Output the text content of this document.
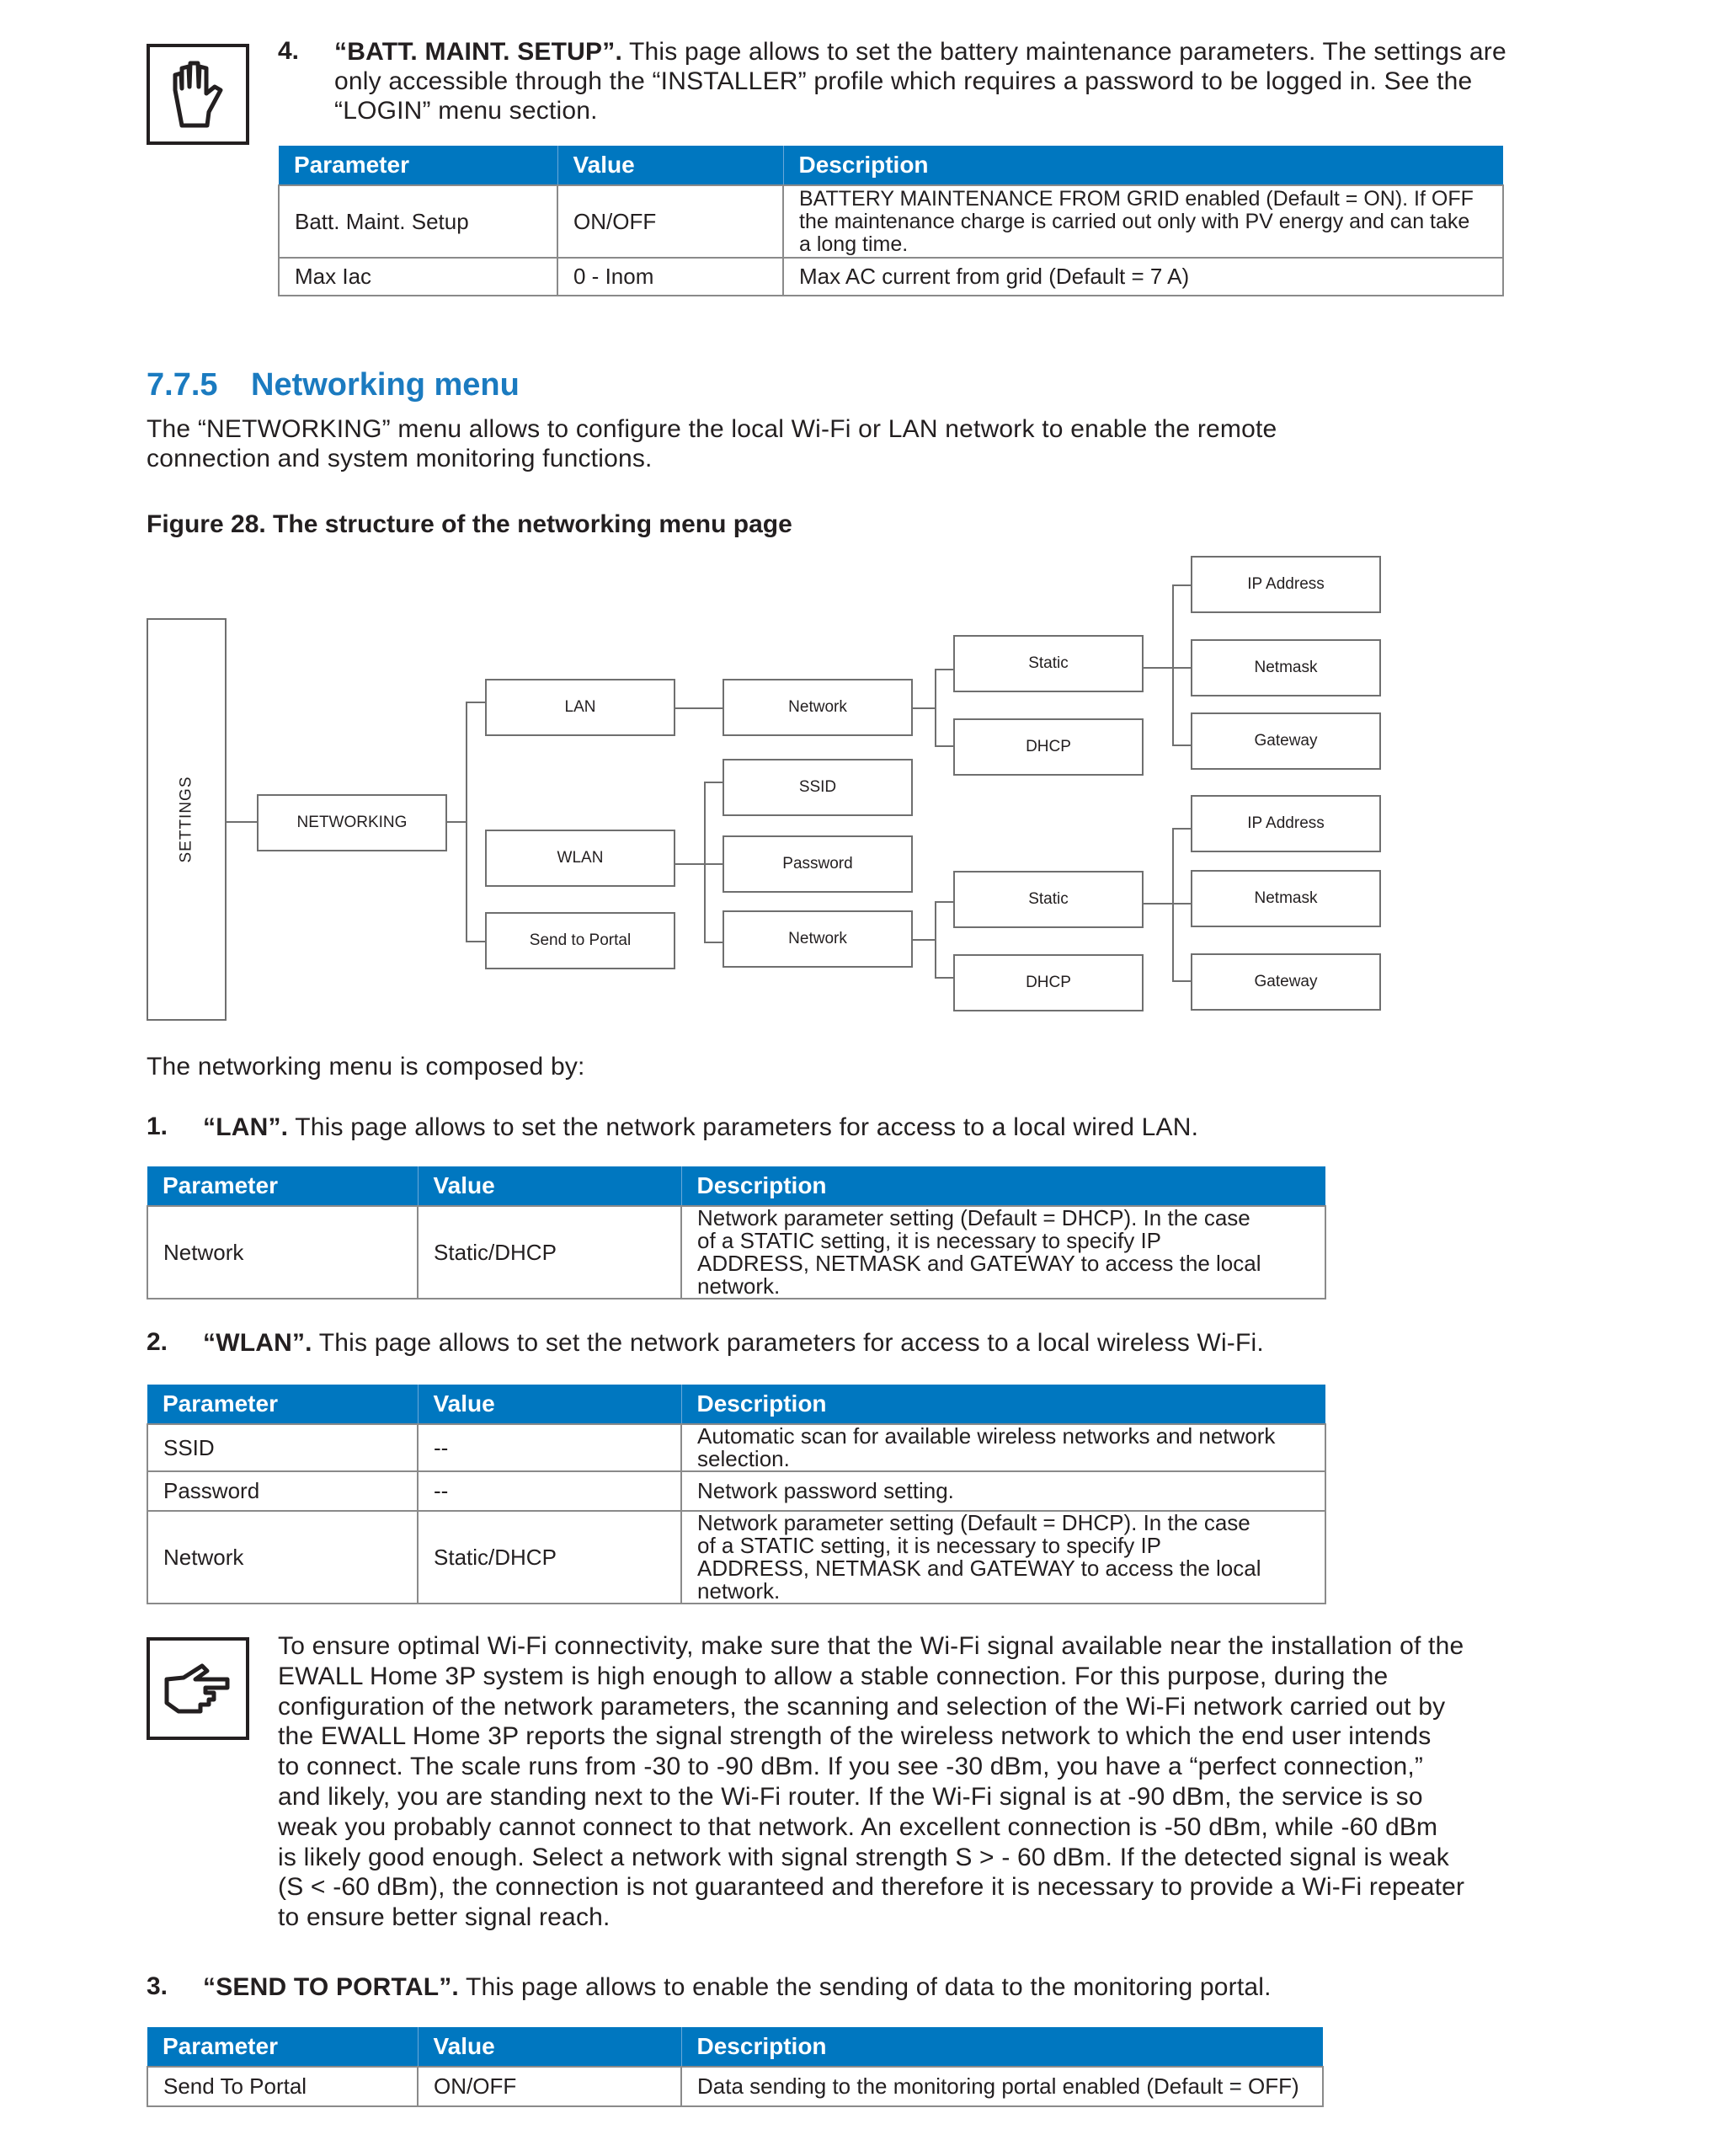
4. “BATT. MAINT. SETUP”. This page allows to set the battery maintenance parameters. The settings are
only accessible through the “INSTALLER” profile which requires a password to be logged in. See the
“LOGIN” menu section.
Parameter	Value	Description
Batt. Maint. Setup	ON/OFF	BATTERY MAINTENANCE FROM GRID enabled (Default = ON). If OFF the maintenance charge is carried out only with PV energy and can take a long time.
Max Iac	0 - Inom	Max AC current from grid (Default = 7 A)
7.7.5 Networking menu
The “NETWORKING” menu allows to configure the local Wi-Fi or LAN network to enable the remote
connection and system monitoring functions.
Figure 28. The structure of the networking menu page
SETTINGS	NETWORKING
LAN
WLAN
Send to Portal
Network
SSID
Password
Network
Static
DHCP
Static
DHCP
IP Address
Netmask
Gateway
IP Address
Netmask
Gateway
The networking menu is composed by:
1. “LAN”. This page allows to set the network parameters for access to a local wired LAN.
Parameter	Value	Description
Network	Static/DHCP	Network parameter setting (Default = DHCP). In the case of a STATIC setting, it is necessary to specify IP ADDRESS, NETMASK and GATEWAY to access the local network.
2. “WLAN”. This page allows to set the network parameters for access to a local wireless Wi-Fi.
Parameter	Value	Description
SSID	--	Automatic scan for available wireless networks and network selection.
Password	--	Network password setting.
Network	Static/DHCP	Network parameter setting (Default = DHCP). In the case of a STATIC setting, it is necessary to specify IP ADDRESS, NETMASK and GATEWAY to access the local network.
To ensure optimal Wi-Fi connectivity, make sure that the Wi-Fi signal available near the installation of the
EWALL Home 3P system is high enough to allow a stable connection. For this purpose, during the
configuration of the network parameters, the scanning and selection of the Wi-Fi network carried out by
the EWALL Home 3P reports the signal strength of the wireless network to which the end user intends
to connect. The scale runs from -30 to -90 dBm. If you see -30 dBm, you have a “perfect connection,”
and likely, you are standing next to the Wi-Fi router. If the Wi-Fi signal is at -90 dBm, the service is so
weak you probably cannot connect to that network. An excellent connection is -50 dBm, while -60 dBm
is likely good enough. Select a network with signal strength S > - 60 dBm. If the detected signal is weak
(S < -60 dBm), the connection is not guaranteed and therefore it is necessary to provide a Wi-Fi repeater
to ensure better signal reach.
3. “SEND TO PORTAL”. This page allows to enable the sending of data to the monitoring portal.
Parameter	Value	Description
Send To Portal	ON/OFF	Data sending to the monitoring portal enabled (Default = OFF)
